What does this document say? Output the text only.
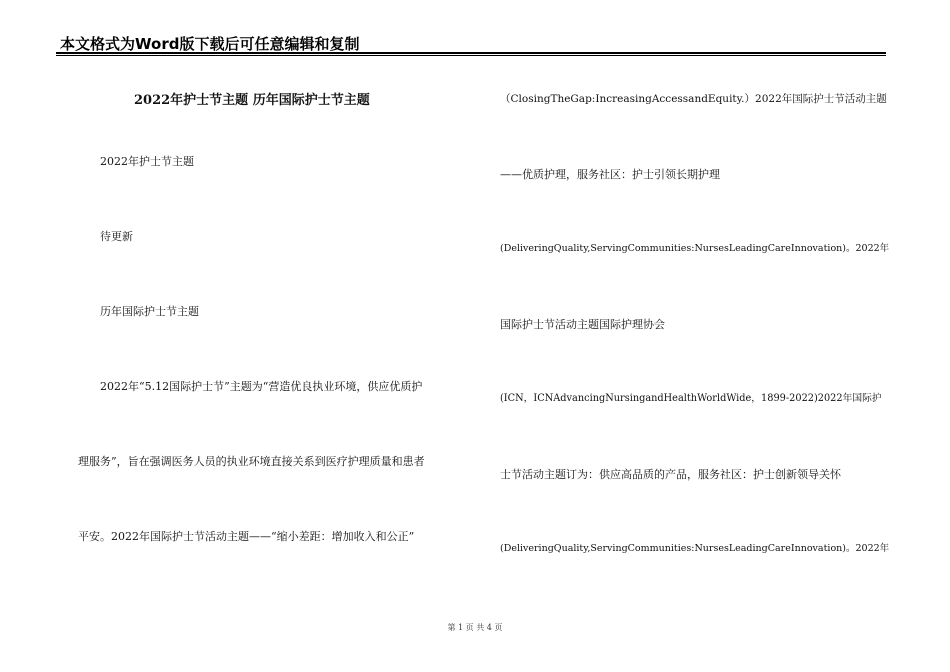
本文格式为Word版下载后可任意编辑和复制
2022年护士节主题 历年国际护士节主题
2022年护士节主题
待更新
历年国际护士节主题
2022年“5.12国际护士节”主题为“营造优良执业环境，供应优质护
理服务”，旨在强调医务人员的执业环境直接关系到医疗护理质量和患者
平安。2022年国际护士节活动主题——“缩小差距：增加收入和公正”
（ClosingTheGap:IncreasingAccessandEquity.）2022年国际护士节活动主题
——优质护理，服务社区：护士引领长期护理
(DeliveringQuality,ServingCommunities:NursesLeadingCareInnovation)。2022年
国际护士节活动主题国际护理协会
(ICN，ICNAdvancingNursingandHealthWorldWide，1899-2022)2022年国际护
士节活动主题订为：供应高品质的产品，服务社区：护士创新领导关怀
(DeliveringQuality,ServingCommunities:NursesLeadingCareInnovation)。2022年
第 1 页 共 4 页
